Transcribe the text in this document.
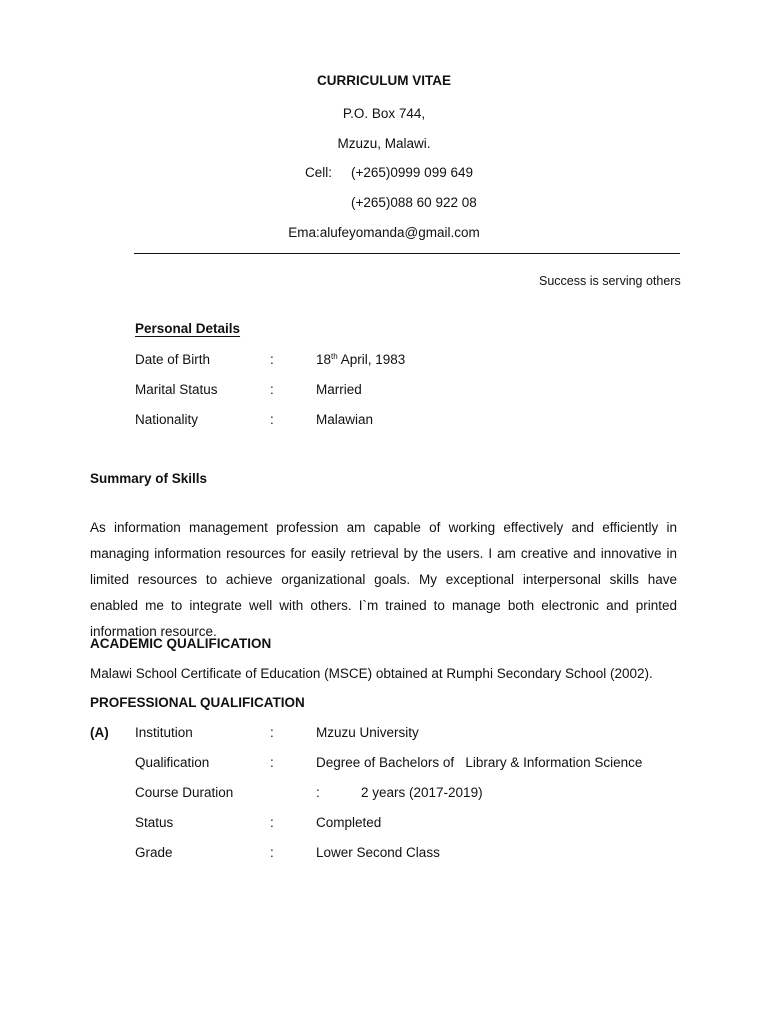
CURRICULUM VITAE
P.O. Box 744,
Mzuzu, Malawi.
Cell: (+265)0999 099 649
(+265)088 60 922 08
Ema:alufeyomanda@gmail.com
Success is serving others
Personal Details
Date of Birth	:	18th April, 1983
Marital Status	:	Married
Nationality	:	Malawian
Summary of Skills
As information management profession am capable of working effectively and efficiently in managing information resources for easily retrieval by the users. I am creative and innovative in limited resources to achieve organizational goals. My exceptional interpersonal skills have enabled me to integrate well with others. I`m trained to manage both electronic and printed information resource.
ACADEMIC QUALIFICATION
Malawi School Certificate of Education (MSCE) obtained at Rumphi Secondary School (2002).
PROFESSIONAL QUALIFICATION
(A) Institution	:	Mzuzu University
Qualification	:	Degree of Bachelors of   Library & Information Science
Course Duration	:	2 years (2017-2019)
Status	:	Completed
Grade	:	Lower Second Class
